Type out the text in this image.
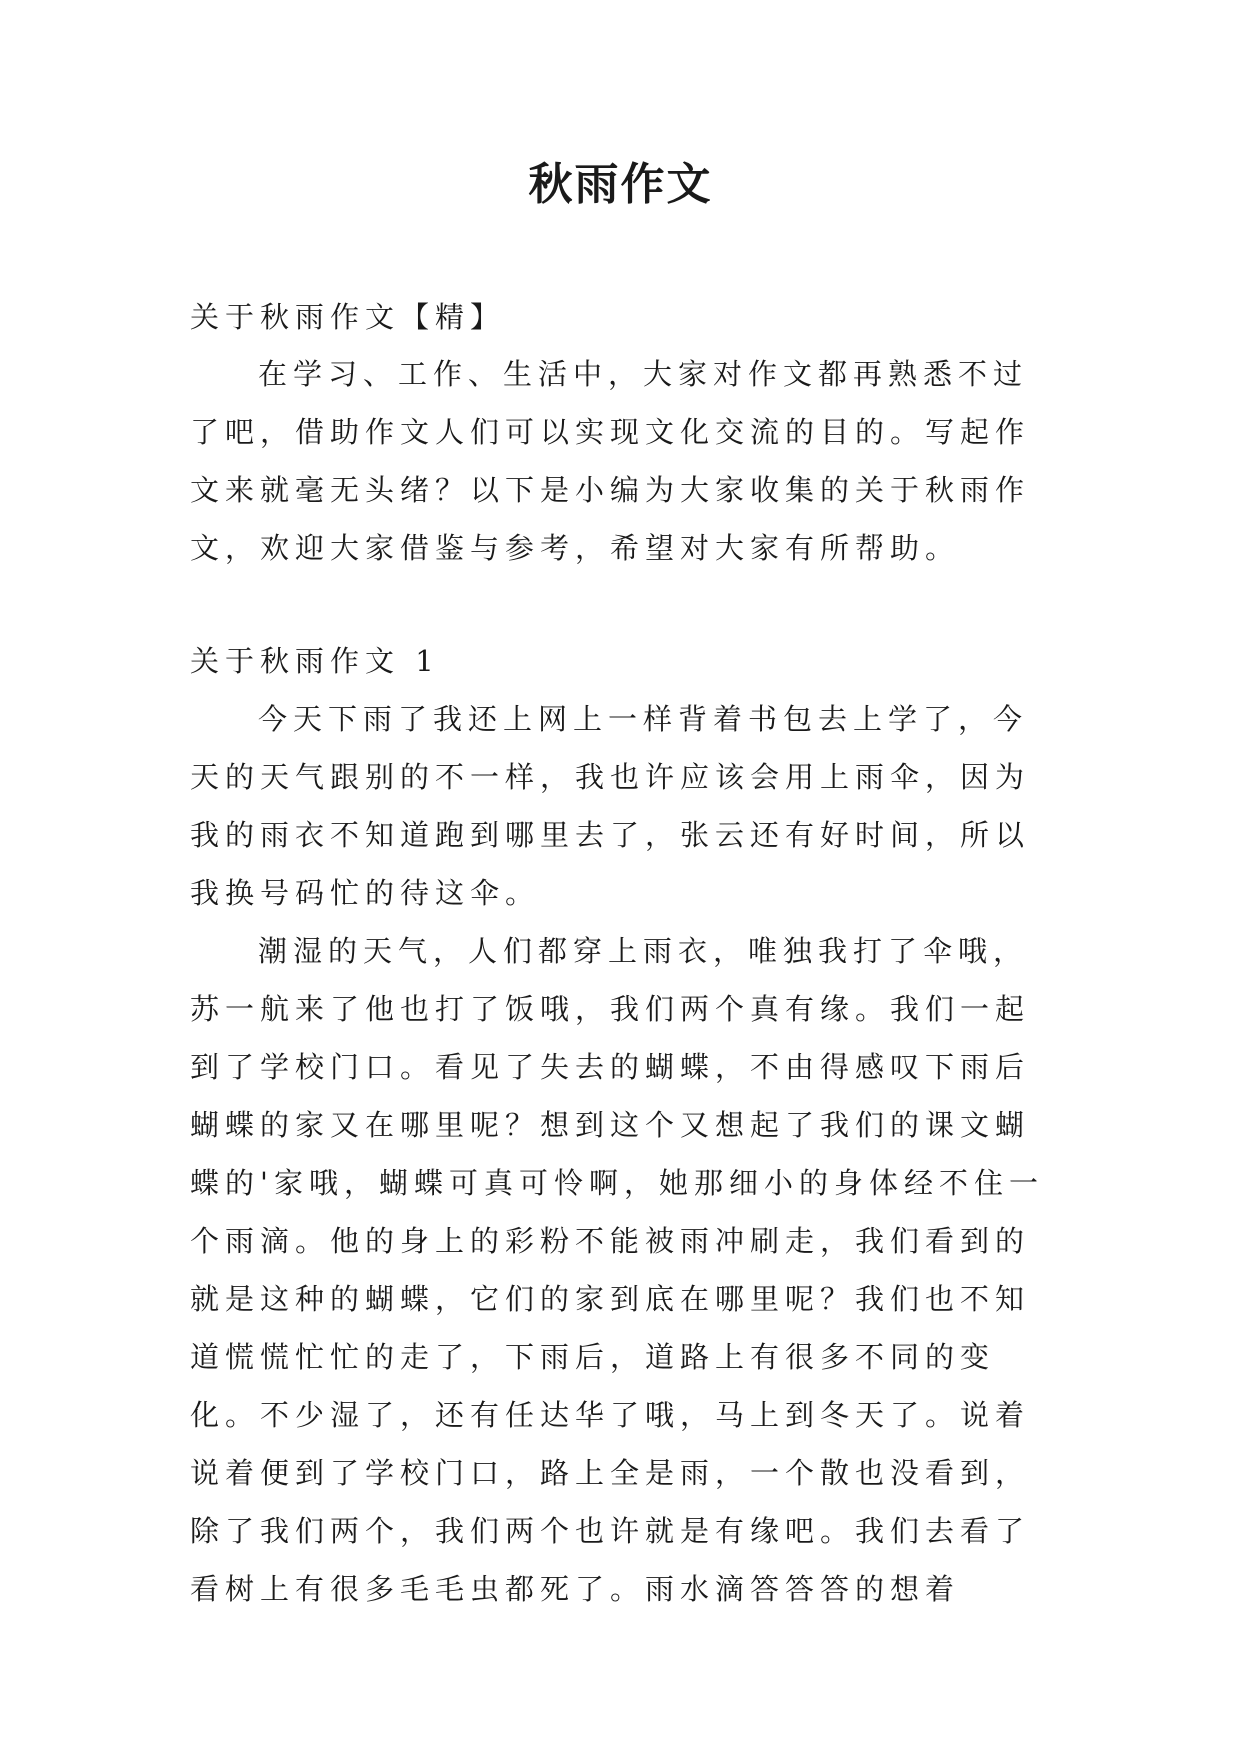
秋雨作文

关于秋雨作文【精】

在学习、工作、生活中，大家对作文都再熟悉不过了吧，借助作文人们可以实现文化交流的目的。写起作文来就毫无头绪？以下是小编为大家收集的关于秋雨作文，欢迎大家借鉴与参考，希望对大家有所帮助。

关于秋雨作文 1

今天下雨了我还上网上一样背着书包去上学了，今天的天气跟别的不一样，我也许应该会用上雨伞，因为我的雨衣不知道跑到哪里去了，张云还有好时间，所以我换号码忙的待这伞。

潮湿的天气，人们都穿上雨衣，唯独我打了伞哦，苏一航来了他也打了饭哦，我们两个真有缘。我们一起到了学校门口。看见了失去的蝴蝶，不由得感叹下雨后蝴蝶的家又在哪里呢？想到这个又想起了我们的课文蝴蝶的'家哦，蝴蝶可真可怜啊，她那细小的身体经不住一个雨滴。他的身上的彩粉不能被雨冲刷走，我们看到的就是这种的蝴蝶，它们的家到底在哪里呢？我们也不知道慌慌忙忙的走了，下雨后，道路上有很多不同的变化。不少湿了，还有任达华了哦，马上到冬天了。说着说着便到了学校门口，路上全是雨，一个散也没看到，除了我们两个，我们两个也许就是有缘吧。我们去看了看树上有很多毛毛虫都死了。雨水滴答答答的想着
